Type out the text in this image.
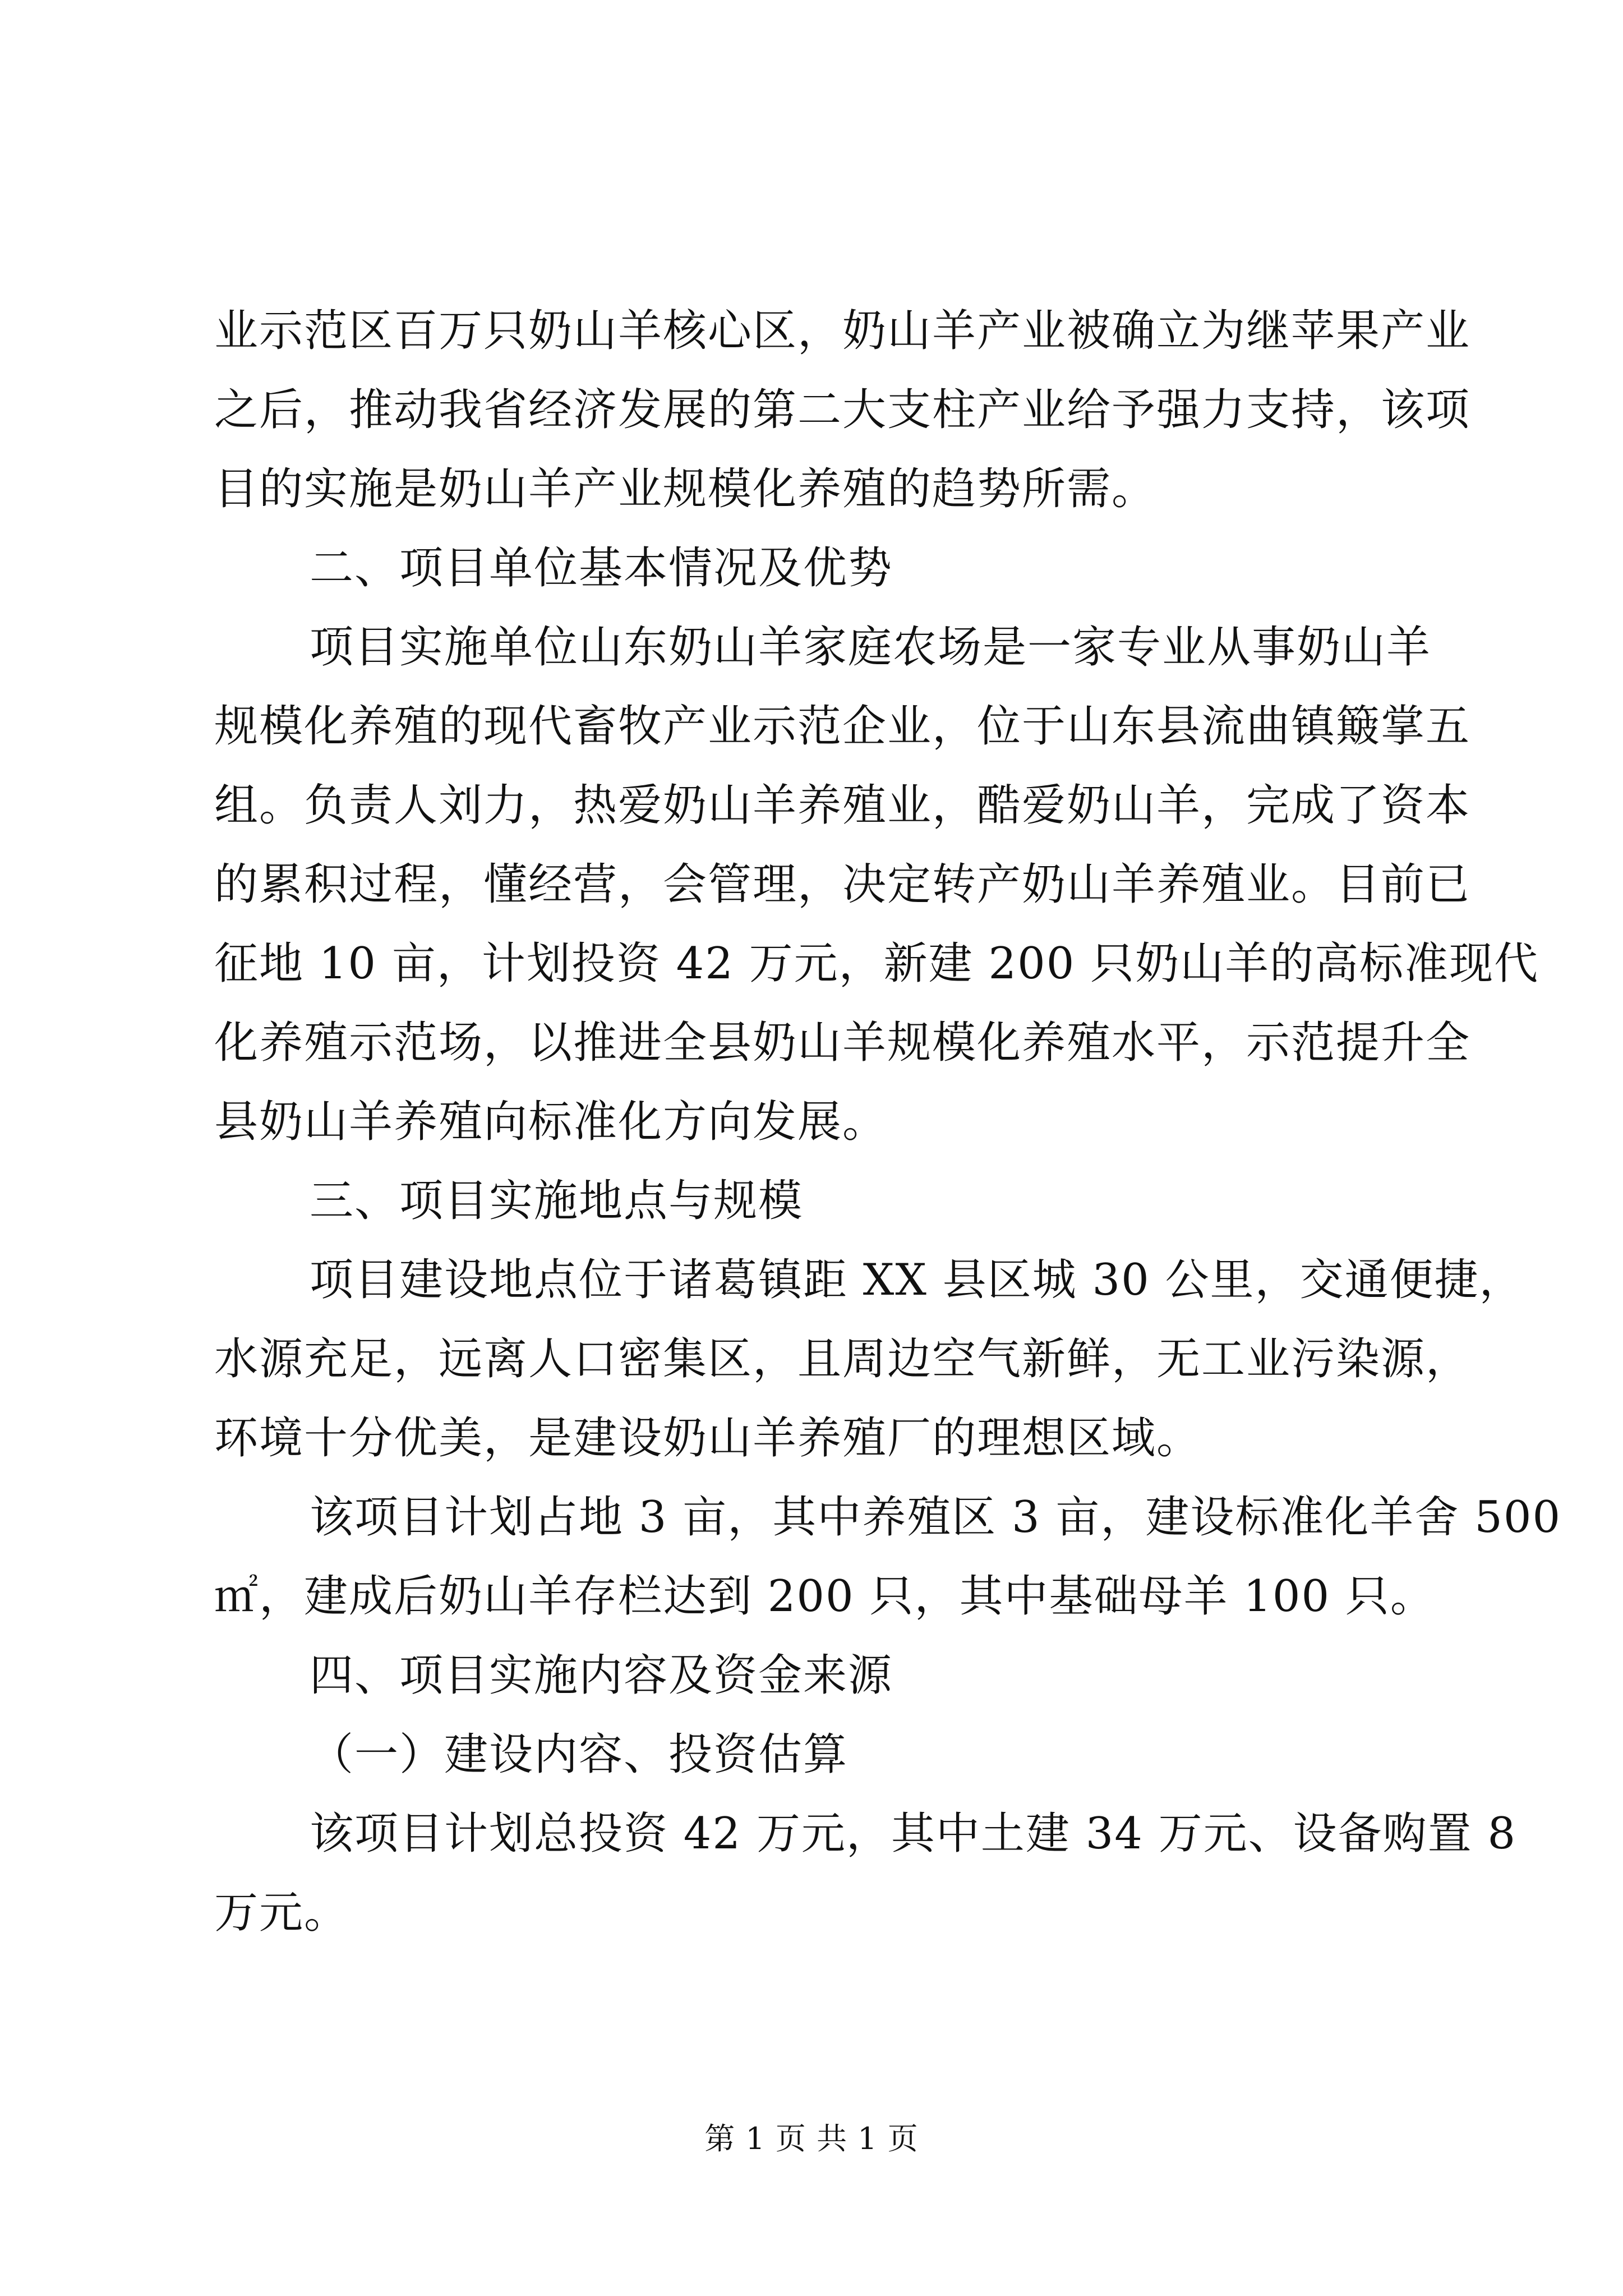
业示范区百万只奶山羊核心区，奶山羊产业被确立为继苹果产业
之后，推动我省经济发展的第二大支柱产业给予强力支持，该项
目的实施是奶山羊产业规模化养殖的趋势所需。
二、项目单位基本情况及优势
项目实施单位山东奶山羊家庭农场是一家专业从事奶山羊
规模化养殖的现代畜牧产业示范企业，位于山东县流曲镇簸掌五
组。负责人刘力，热爱奶山羊养殖业，酷爱奶山羊，完成了资本
的累积过程，懂经营，会管理，决定转产奶山羊养殖业。目前已
征地 10 亩，计划投资 42 万元，新建 200 只奶山羊的高标准现代
化养殖示范场，以推进全县奶山羊规模化养殖水平，示范提升全
县奶山羊养殖向标准化方向发展。
三、项目实施地点与规模
项目建设地点位于诸葛镇距 XX 县区城 30 公里，交通便捷，
水源充足，远离人口密集区，且周边空气新鲜，无工业污染源，
环境十分优美，是建设奶山羊养殖厂的理想区域。
该项目计划占地 3 亩，其中养殖区 3 亩，建设标准化羊舍 500
㎡，建成后奶山羊存栏达到 200 只，其中基础母羊 100 只。
四、项目实施内容及资金来源
（一）建设内容、投资估算
该项目计划总投资 42 万元，其中土建 34 万元、设备购置 8
万元。
第 1 页 共 1 页
